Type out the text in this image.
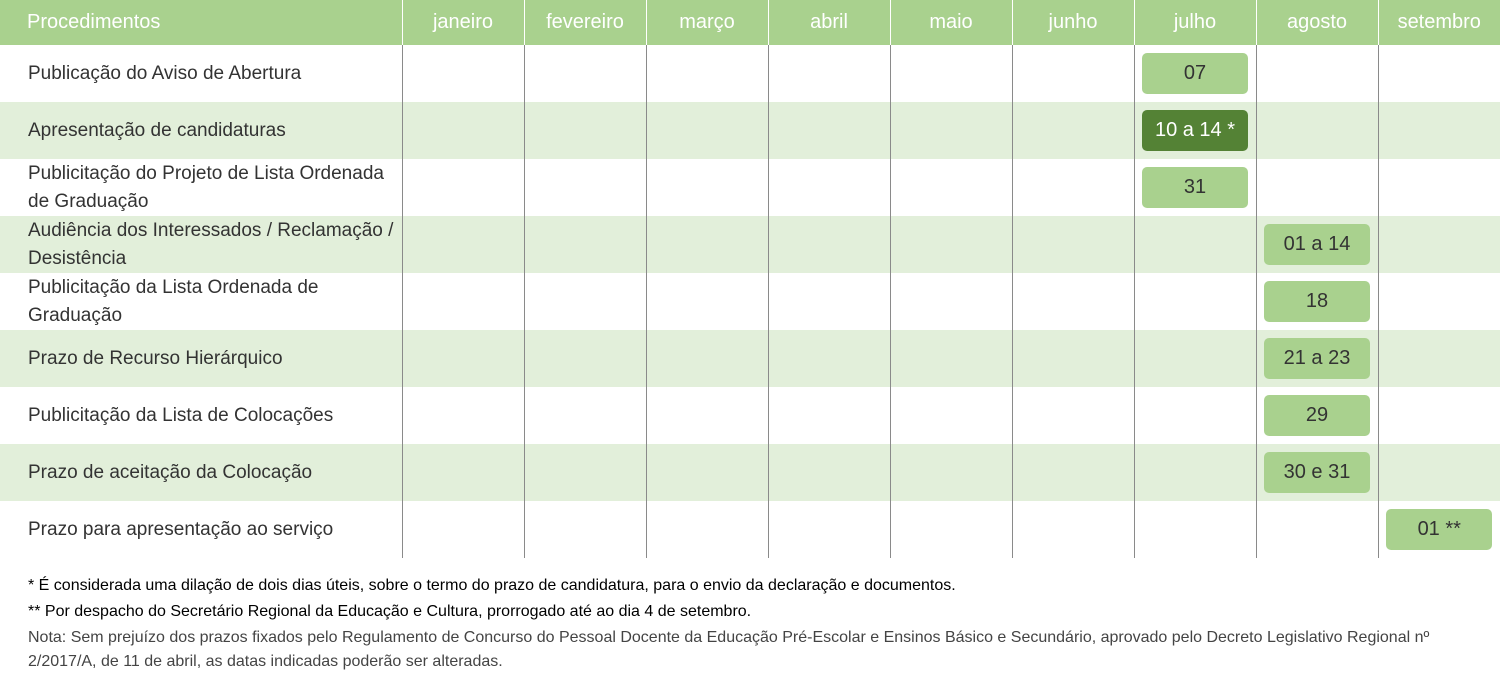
Procedimentos	janeiro	fevereiro	março	abril	maio	junho	julho	agosto	setembro
Publicação do Aviso de Abertura							07		
Apresentação de candidaturas							10 a 14 *		
Publicitação do Projeto de Lista Ordenada de Graduação							31		
Audiência dos Interessados / Reclamação / Desistência								01 a 14	
Publicitação da Lista Ordenada de Graduação								18	
Prazo de Recurso Hierárquico								21 a 23	
Publicitação da Lista de Colocações								29	
Prazo de aceitação da Colocação								30 e 31	
Prazo para apresentação ao serviço									01 **

* É considerada uma dilação de dois dias úteis, sobre o termo do prazo de candidatura, para o envio da declaração e documentos.

** Por despacho do Secretário Regional da Educação e Cultura, prorrogado até ao dia 4 de setembro.

Nota: Sem prejuízo dos prazos fixados pelo Regulamento de Concurso do Pessoal Docente da Educação Pré-Escolar e Ensinos Básico e Secundário, aprovado pelo Decreto Legislativo Regional nº 2/2017/A, de 11 de abril, as datas indicadas poderão ser alteradas.
